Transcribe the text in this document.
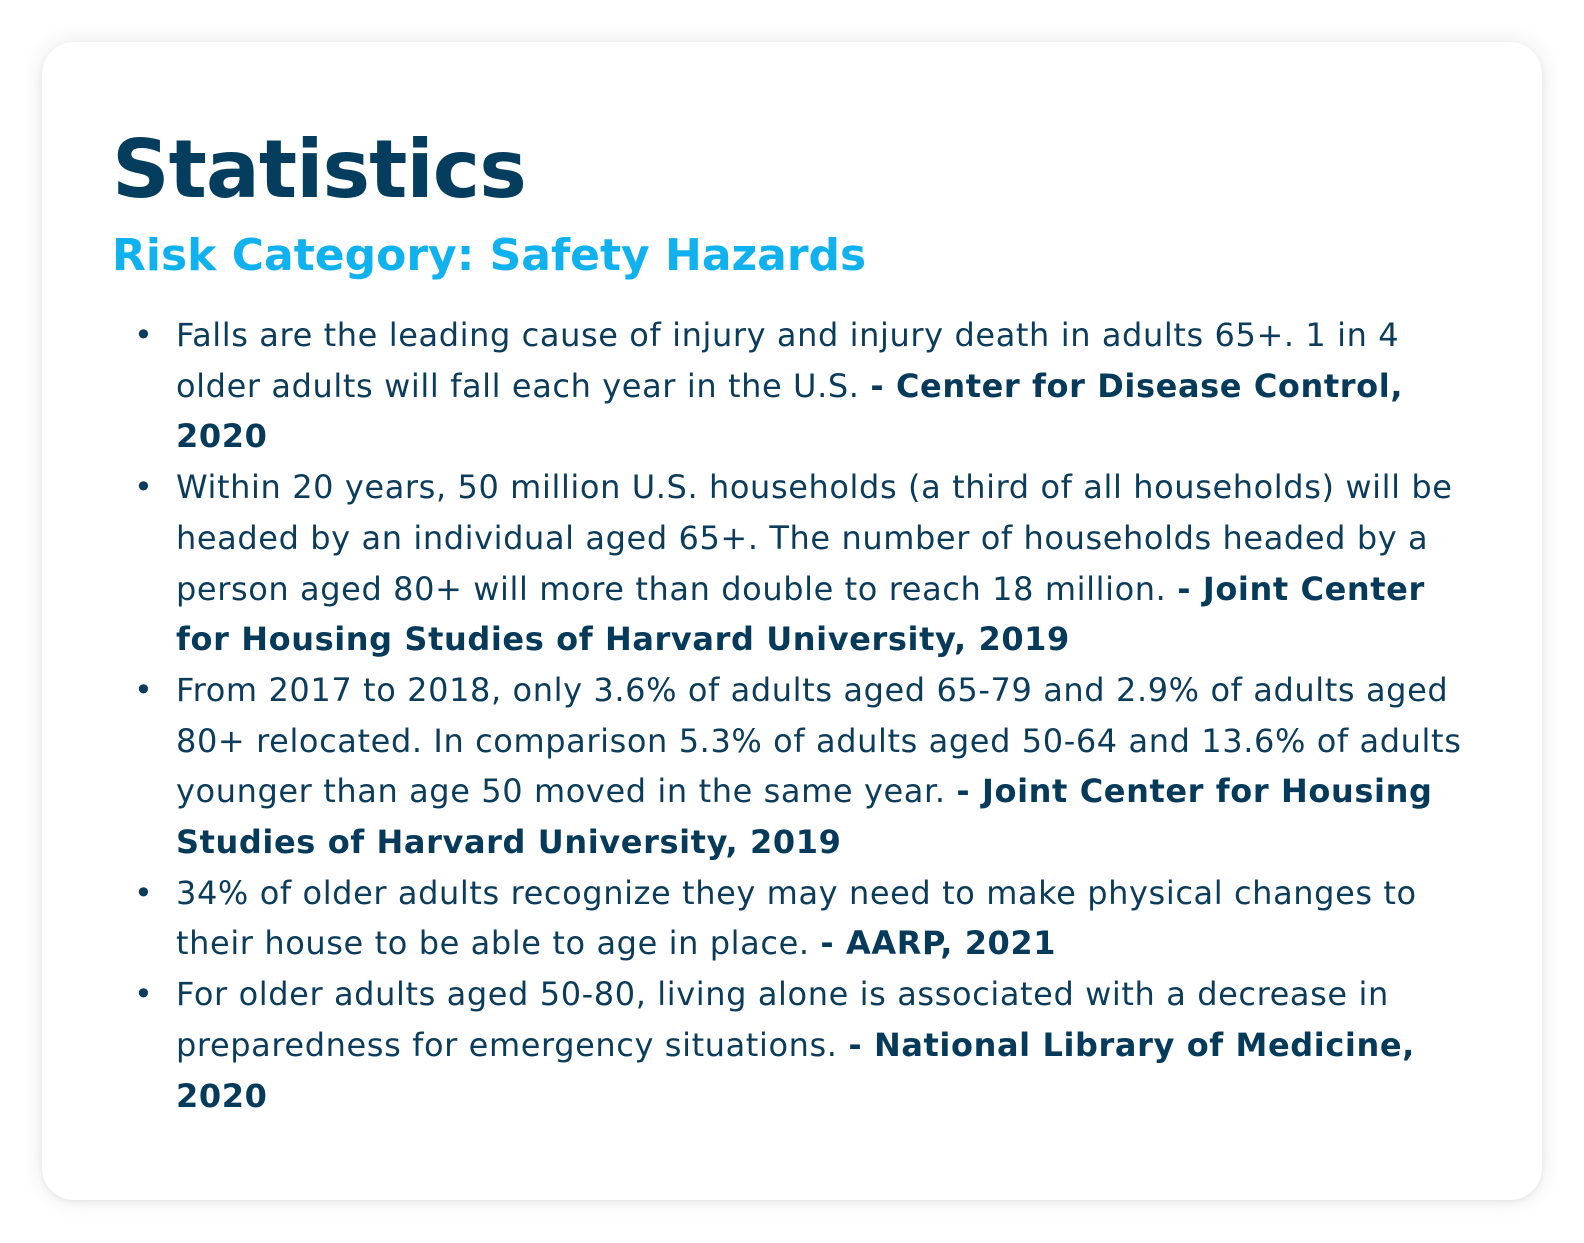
Statistics
Risk Category: Safety Hazards
• Falls are the leading cause of injury and injury death in adults 65+. 1 in 4 older adults will fall each year in the U.S. - Center for Disease Control, 2020
• Within 20 years, 50 million U.S. households (a third of all households) will be headed by an individual aged 65+. The number of households headed by a person aged 80+ will more than double to reach 18 million. - Joint Center for Housing Studies of Harvard University, 2019
• From 2017 to 2018, only 3.6% of adults aged 65-79 and 2.9% of adults aged 80+ relocated. In comparison 5.3% of adults aged 50-64 and 13.6% of adults younger than age 50 moved in the same year. - Joint Center for Housing Studies of Harvard University, 2019
• 34% of older adults recognize they may need to make physical changes to their house to be able to age in place. - AARP, 2021
• For older adults aged 50-80, living alone is associated with a decrease in preparedness for emergency situations. - National Library of Medicine, 2020
